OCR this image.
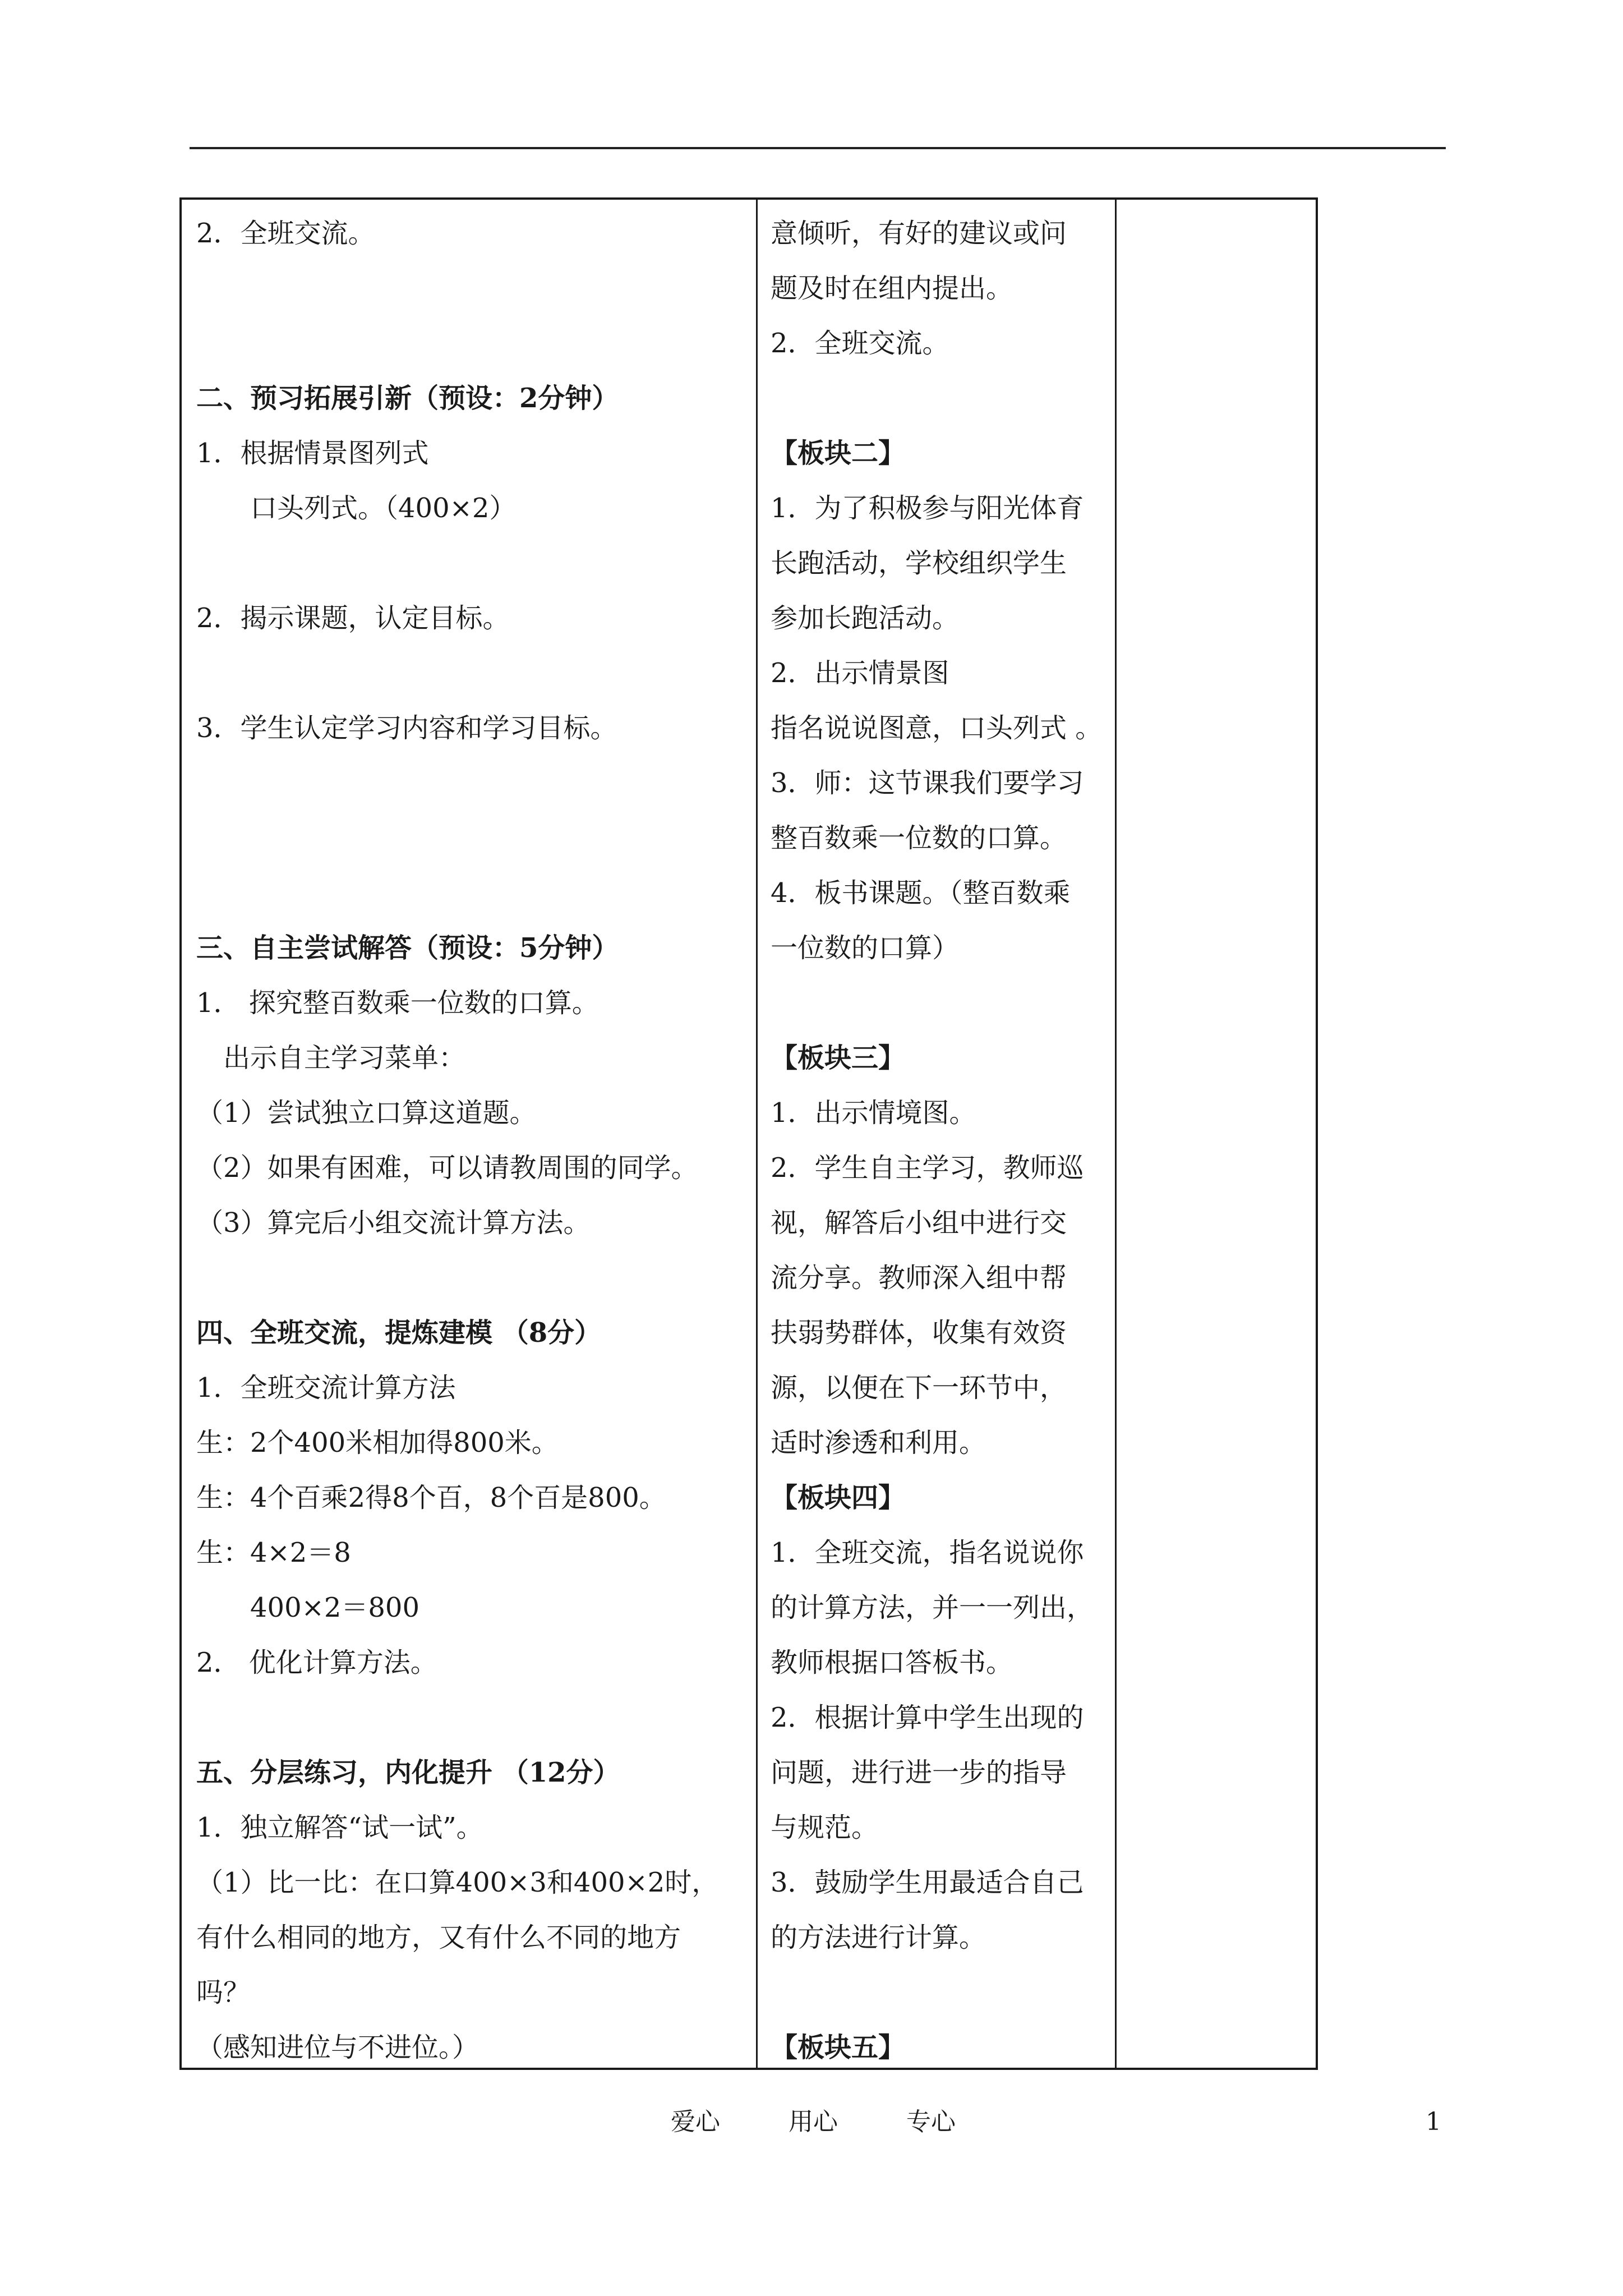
2．全班交流。
二、预习拓展引新（预设：2分钟）
1．根据情景图列式
口头列式。（400×2）
2．揭示课题，认定目标。
3．学生认定学习内容和学习目标。
三、自主尝试解答（预设：5分钟）
1． 探究整百数乘一位数的口算。
出示自主学习菜单：
（1）尝试独立口算这道题。
（2）如果有困难，可以请教周围的同学。
（3）算完后小组交流计算方法。
四、全班交流，提炼建模 （8分）
1．全班交流计算方法
生：2个400米相加得800米。
生：4个百乘2得8个百，8个百是800。
生：4×2＝8
400×2＝800
2． 优化计算方法。
五、分层练习，内化提升 （12分）
1．独立解答“试一试”。
（1）比一比：在口算400×3和400×2时，
有什么相同的地方，又有什么不同的地方
吗？
（感知进位与不进位。）
意倾听，有好的建议或问
题及时在组内提出。
2．全班交流。
【板块二】
1．为了积极参与阳光体育
长跑活动，学校组织学生
参加长跑活动。
2．出示情景图
指名说说图意，口头列式 。
3．师：这节课我们要学习
整百数乘一位数的口算。
4．板书课题。（整百数乘
一位数的口算）
【板块三】
1．出示情境图。
2．学生自主学习，教师巡
视，解答后小组中进行交
流分享。教师深入组中帮
扶弱势群体，收集有效资
源，以便在下一环节中，
适时渗透和利用。
【板块四】
1．全班交流，指名说说你
的计算方法，并一一列出，
教师根据口答板书。
2．根据计算中学生出现的
问题，进行进一步的指导
与规范。
3．鼓励学生用最适合自己
的方法进行计算。
【板块五】
爱心	用心	专心	1
